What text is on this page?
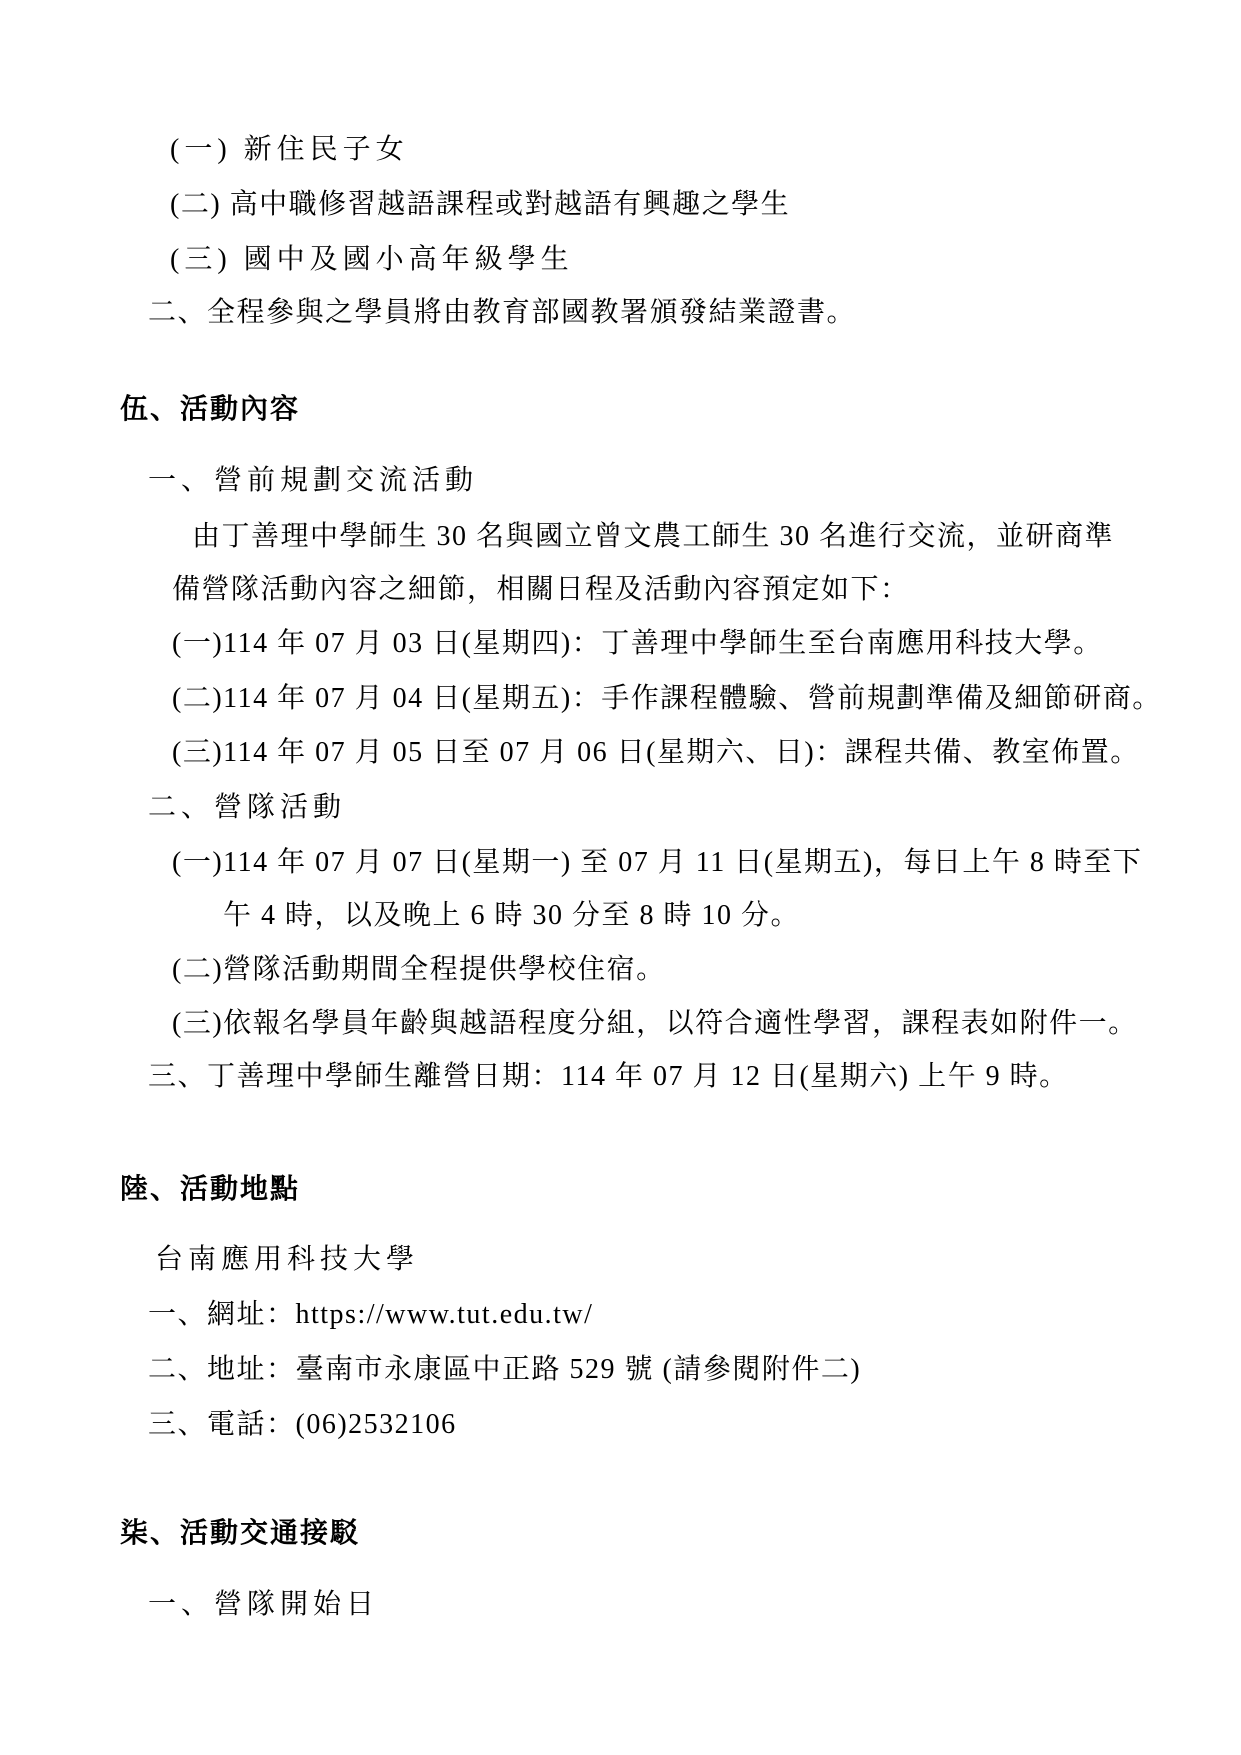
(一) 新住民子女
(二) 高中職修習越語課程或對越語有興趣之學生
(三) 國中及國小高年級學生
二、全程參與之學員將由教育部國教署頒發結業證書。
伍、活動內容
一、營前規劃交流活動
由丁善理中學師生 30 名與國立曾文農工師生 30 名進行交流，並研商準
備營隊活動內容之細節，相關日程及活動內容預定如下：
(一)114 年 07 月 03 日(星期四)：丁善理中學師生至台南應用科技大學。
(二)114 年 07 月 04 日(星期五)：手作課程體驗、營前規劃準備及細節研商。
(三)114 年 07 月 05 日至 07 月 06 日(星期六、日)：課程共備、教室佈置。
二、營隊活動
(一)114 年 07 月 07 日(星期一) 至 07 月 11 日(星期五)，每日上午 8 時至下
午 4 時，以及晚上 6 時 30 分至 8 時 10 分。
(二)營隊活動期間全程提供學校住宿。
(三)依報名學員年齡與越語程度分組，以符合適性學習，課程表如附件一。
三、丁善理中學師生離營日期：114 年 07 月 12 日(星期六) 上午 9 時。
陸、活動地點
台南應用科技大學
一、網址：https://www.tut.edu.tw/
二、地址：臺南市永康區中正路 529 號 (請參閱附件二)
三、電話：(06)2532106
柒、活動交通接駁
一、營隊開始日
